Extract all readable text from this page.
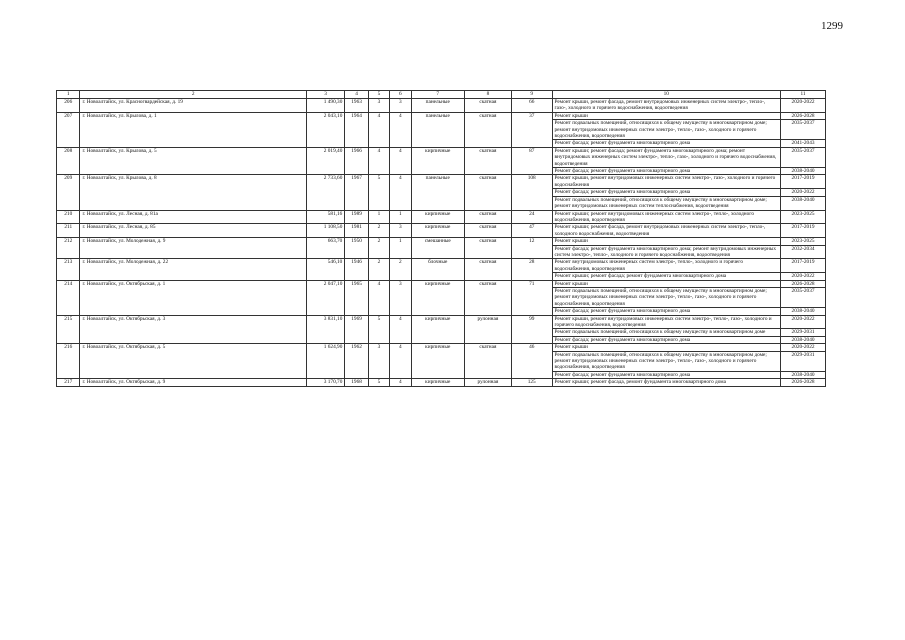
1299
1	2	3	4	5	6	7	8	9	10	11
206	г. Новоалтайск, ул. Красногвардейская, д. 19	1 490,30	1963	3	3	панельные	скатная	66	Ремонт крыши, ремонт фасада, ремонт внутридомовых инженерных систем электро-, тепло-, газо-, холодного и горячего водоснабжения, водоотведения	2020-2022
207	г. Новоалтайск, ул. Крылова, д. 1	2 043,10	1964	4	4	панельные	скатная	37	Ремонт крыши	2026-2028
									Ремонт подвальных помещений, относящихся к общему имуществу в многоквартирном доме; ремонт внутридомовых инженерных систем электро-, тепло-, газо-, холодного и горячего водоснабжения, водоотведения	2035-2037
									Ремонт фасада; ремонт фундамента многоквартирного дома	2041-2043
208	г. Новоалтайск, ул. Крылова, д. 5	2 019,40	1966	4	4	кирпичные	скатная	87	Ремонт крыши; ремонт фасада; ремонт фундамента многоквартирного дома; ремонт внутридомовых инженерных систем электро-, тепло-, газо-, холодного и горячего водоснабжения, водоотведения	2035-2037
									Ремонт фасада; ремонт фундамента многоквартирного дома	2038-2040
209	г. Новоалтайск, ул. Крылова, д. 8	2 733,60	1967	5	4	панельные	скатная	108	Ремонт крыши, ремонт внутридомовых инженерных систем электро-, газо-, холодного и горячего водоснабжения	2017-2019
									Ремонт фасада; ремонт фундамента многоквартирного дома	2020-2022
									Ремонт подвальных помещений, относящихся к общему имуществу в многоквартирном доме; ремонт внутридомовых инженерных систем теплоснабжения, водоотведения	2038-2040
210	г. Новоалтайск, ул. Лесная, д. 81а	581,16	1989	1	1	кирпичные	скатная	24	Ремонт крыши; ремонт внутридомовых инженерных систем электро-, тепло-, холодного водоснабжения, водоотведения	2023-2025
211	г. Новоалтайск, ул. Лесная, д. 85	1 108,50	1981	2	3	кирпичные	скатная	47	Ремонт крыши; ремонт фасада, ремонт внутридомовых инженерных систем электро-, тепло-, холодного водоснабжения, водоотведения	2017-2019
212	г. Новоалтайск, ул. Молодежная, д. 9	663,70	1950	2	1	смешанные	скатная	12	Ремонт крыши	2023-2025
									Ремонт фасада; ремонт фундамента многоквартирного дома; ремонт внутридомовых инженерных систем электро-, тепло-, холодного и горячего водоснабжения, водоотведения	2032-2034
213	г. Новоалтайск, ул. Молодежная, д. 22	546,10	1946	2	2	блочные	скатная	28	Ремонт внутридомовых инженерных систем электро-, тепло-, холодного и горячего водоснабжения, водоотведения	2017-2019
									Ремонт крыши; ремонт фасада; ремонт фундамента многоквартирного дома	2020-2022
214	г. Новоалтайск, ул. Октябрьская, д. 1	2 047,10	1965	4	3	кирпичные	скатная	71	Ремонт крыши	2026-2028
									Ремонт подвальных помещений, относящихся к общему имуществу в многоквартирном доме; ремонт внутридомовых инженерных систем электро-, тепло-, газо-, холодного и горячего водоснабжения, водоотведения	2035-2037
									Ремонт фасада; ремонт фундамента многоквартирного дома	2038-2040
215	г. Новоалтайск, ул. Октябрьская, д. 3	3 831,10	1969	5	4	кирпичные	рулонная	99	Ремонт крыши, ремонт внутридомовых инженерных систем электро-, тепло-, газо-, холодного и горячего водоснабжения, водоотведения	2020-2022
									Ремонт подвальных помещений, относящихся к общему имуществу в многоквартирном доме	2029-2031
									Ремонт фасада; ремонт фундамента многоквартирного дома	2038-2040
216	г. Новоалтайск, ул. Октябрьская, д. 5	1 624,90	1962	3	4	кирпичные	скатная	46	Ремонт крыши	2020-2022
									Ремонт подвальных помещений, относящихся к общему имуществу в многоквартирном доме; ремонт внутридомовых инженерных систем электро-, тепло-, газо-, холодного и горячего водоснабжения, водоотведения	2029-2031
									Ремонт фасада; ремонт фундамента многоквартирного дома	2038-2040
217	г. Новоалтайск, ул. Октябрьская, д. 9	3 170,70	1968	5	4	кирпичные	рулонная	125	Ремонт крыши; ремонт фасада, ремонт фундамента многоквартирного дома	2026-2028
